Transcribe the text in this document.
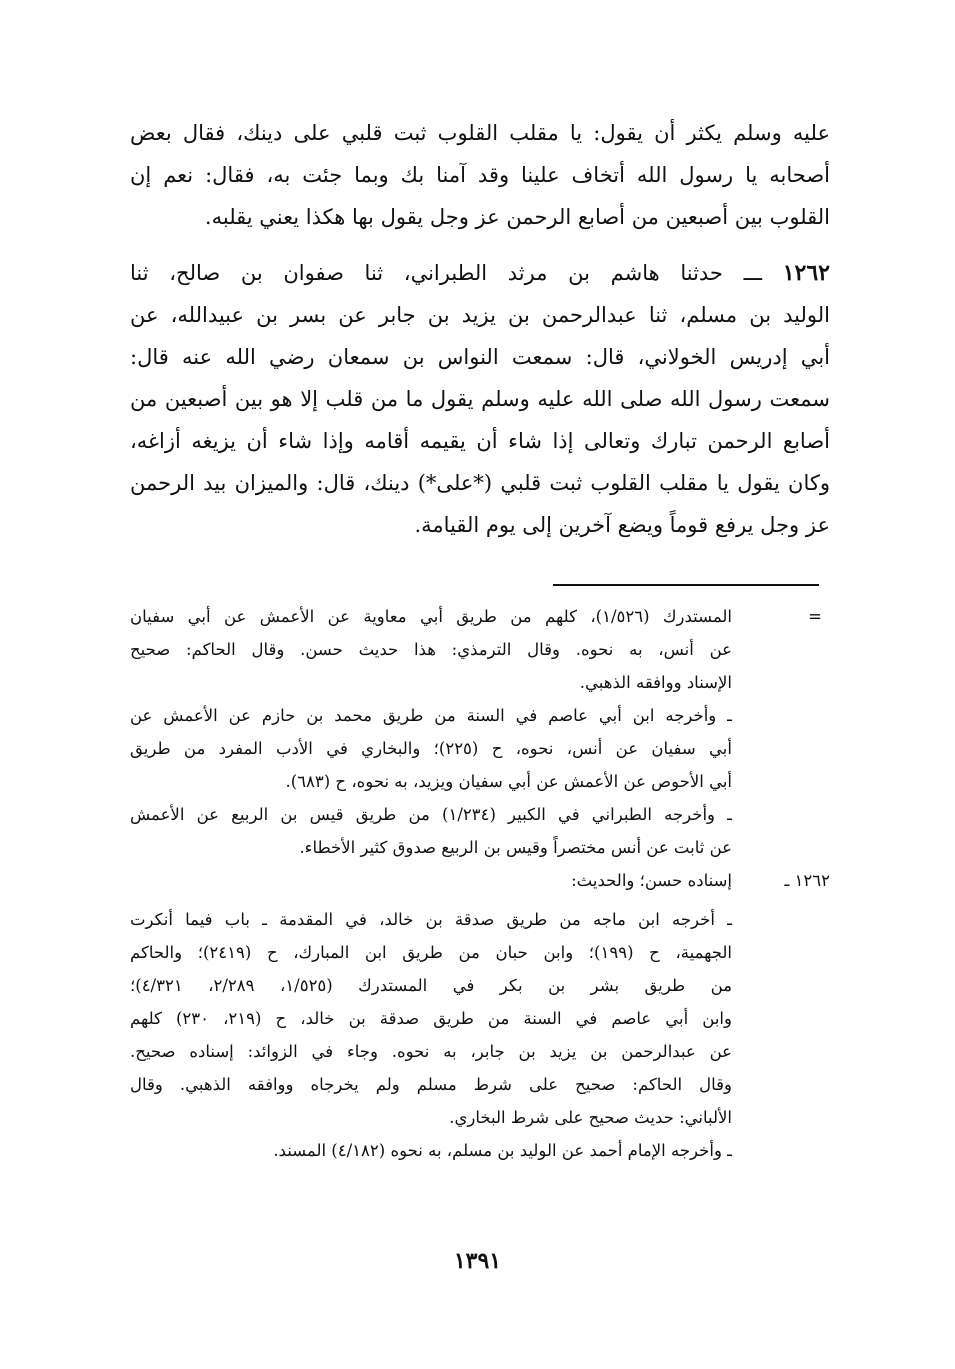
عليه وسلم يكثر أن يقول: يا مقلب القلوب ثبت قلبي على دينك، فقال بعض
أصحابه يا رسول الله أتخاف علينا وقد آمنا بك وبما جئت به، فقال: نعم إن
القلوب بين أصبعين من أصابع الرحمن عز وجل يقول بها هكذا يعني يقلبه.
١٢٦٢ ـــ حدثنا هاشم بن مرثد الطبراني، ثنا صفوان بن صالح، ثنا
الوليد بن مسلم، ثنا عبدالرحمن بن يزيد بن جابر عن بسر بن عبيدالله، عن
أبي إدريس الخولاني، قال: سمعت النواس بن سمعان رضي الله عنه قال:
سمعت رسول الله صلى الله عليه وسلم يقول ما من قلب إلا هو بين أصبعين من
أصابع الرحمن تبارك وتعالى إذا شاء أن يقيمه أقامه وإذا شاء أن يزيغه أزاغه،
وكان يقول يا مقلب القلوب ثبت قلبي (*على*) دينك، قال: والميزان بيد الرحمن
عز وجل يرفع قوماً ويضع آخرين إلى يوم القيامة.
=
المستدرك (١/٥٢٦)، كلهم من طريق أبي معاوية عن الأعمش عن أبي سفيان
عن أنس، به نحوه. وقال الترمذي: هذا حديث حسن. وقال الحاكم: صحيح
الإسناد ووافقه الذهبي.
ـ وأخرجه ابن أبي عاصم في السنة من طريق محمد بن حازم عن الأعمش عن
أبي سفيان عن أنس، نحوه، ح (٢٢٥)؛ والبخاري في الأدب المفرد من طريق
أبي الأحوص عن الأعمش عن أبي سفيان ويزيد، به نحوه، ح (٦٨٣).
ـ وأخرجه الطبراني في الكبير (١/٢٣٤) من طريق قيس بن الربيع عن الأعمش
عن ثابت عن أنس مختصراً وقيس بن الربيع صدوق كثير الأخطاء.
١٢٦٢ ـ
إسناده حسن؛ والحديث:
ـ أخرجه ابن ماجه من طريق صدقة بن خالد، في المقدمة ـ باب فيما أنكرت
الجهمية، ح (١٩٩)؛ وابن حبان من طريق ابن المبارك، ح (٢٤١٩)؛ والحاكم
من طريق بشر بن بكر في المستدرك (١/٥٢٥، ٢/٢٨٩، ٤/٣٢١)؛
وابن أبي عاصم في السنة من طريق صدقة بن خالد، ح (٢١٩، ٢٣٠) كلهم
عن عبدالرحمن بن يزيد بن جابر، به نحوه. وجاء في الزوائد: إسناده صحيح.
وقال الحاكم: صحيح على شرط مسلم ولم يخرجاه ووافقه الذهبي. وقال
الألباني: حديث صحيح على شرط البخاري.
ـ وأخرجه الإمام أحمد عن الوليد بن مسلم، به نحوه (٤/١٨٢) المسند.
١٣٩١
